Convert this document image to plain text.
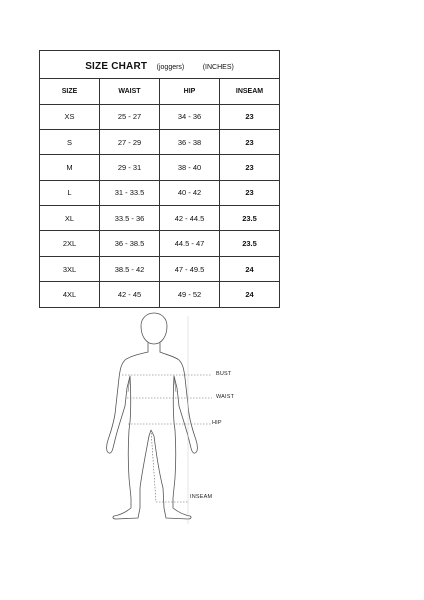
SIZE CHART (joggers) (INCHES)			
SIZE	WAIST	HIP	INSEAM
XS	25 - 27	34 - 36	23
S	27 - 29	36 - 38	23
M	29 - 31	38 - 40	23
L	31 - 33.5	40 - 42	23
XL	33.5 - 36	42 - 44.5	23.5
2XL	36 - 38.5	44.5 - 47	23.5
3XL	38.5 - 42	47 - 49.5	24
4XL	42 - 45	49 - 52	24
BUST
WAIST
HIP
INSEAM
